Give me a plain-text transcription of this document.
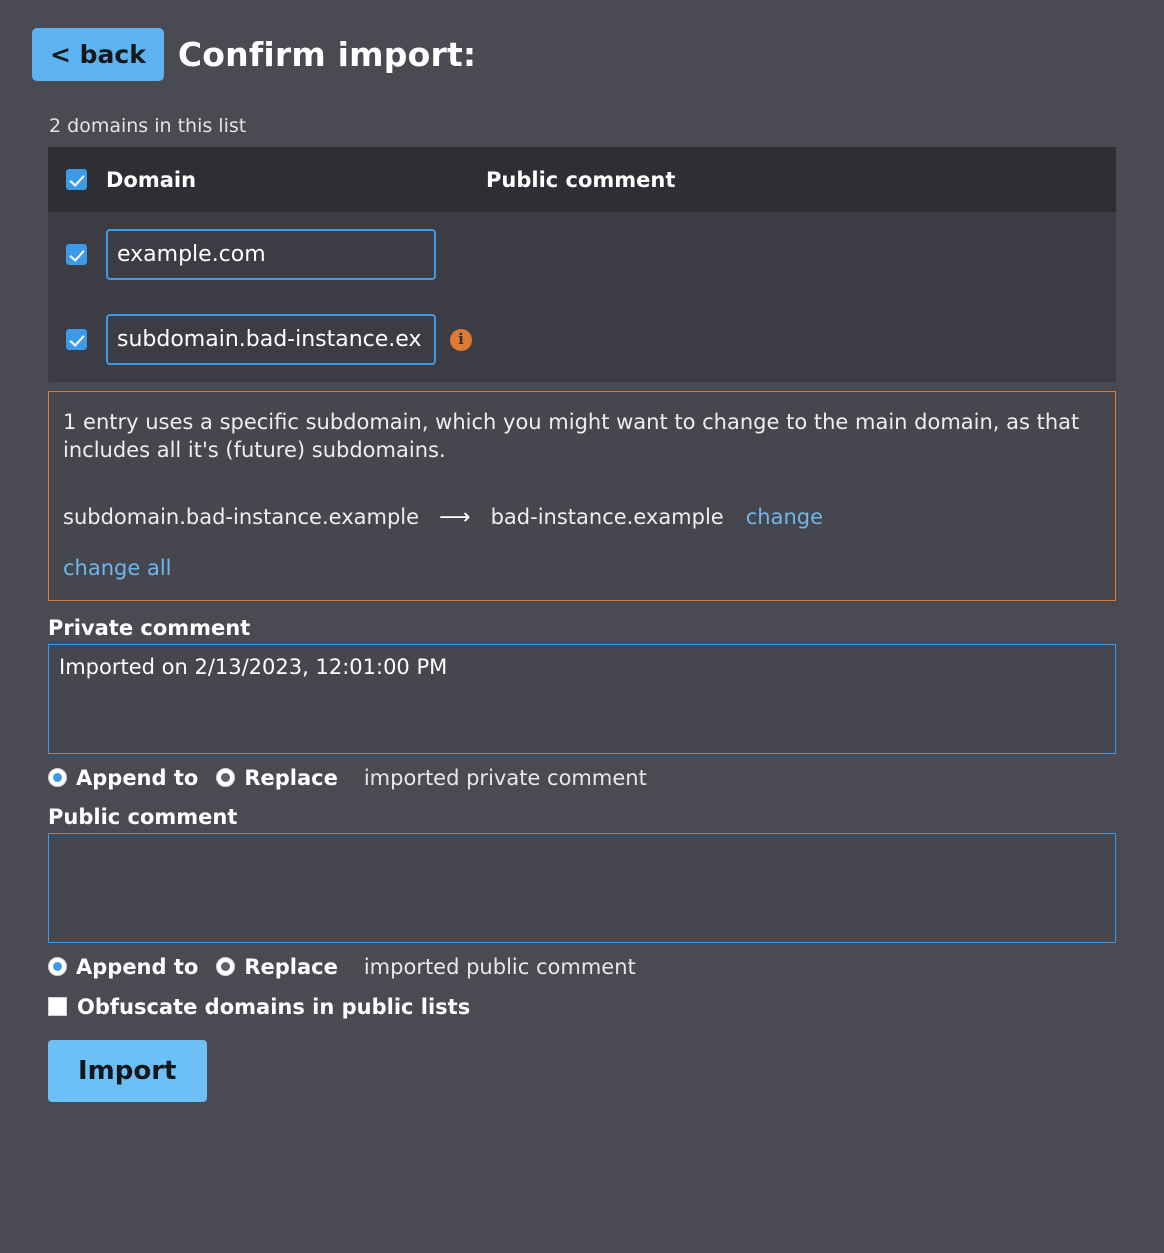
< back Confirm import:
2 domains in this list
Domain	Public comment
example.com
subdomain.bad-instance.ex
i

1 entry uses a specific subdomain, which you might want to change to the main domain, as that includes all it's (future) subdomains.

subdomain.bad-instance.example ⟶ bad-instance.example change
change all
Private comment
Imported on 2/13/2023, 12:01:00 PM
Append to Replace imported private comment
Public comment
Append to Replace imported public comment
Obfuscate domains in public lists
Import
